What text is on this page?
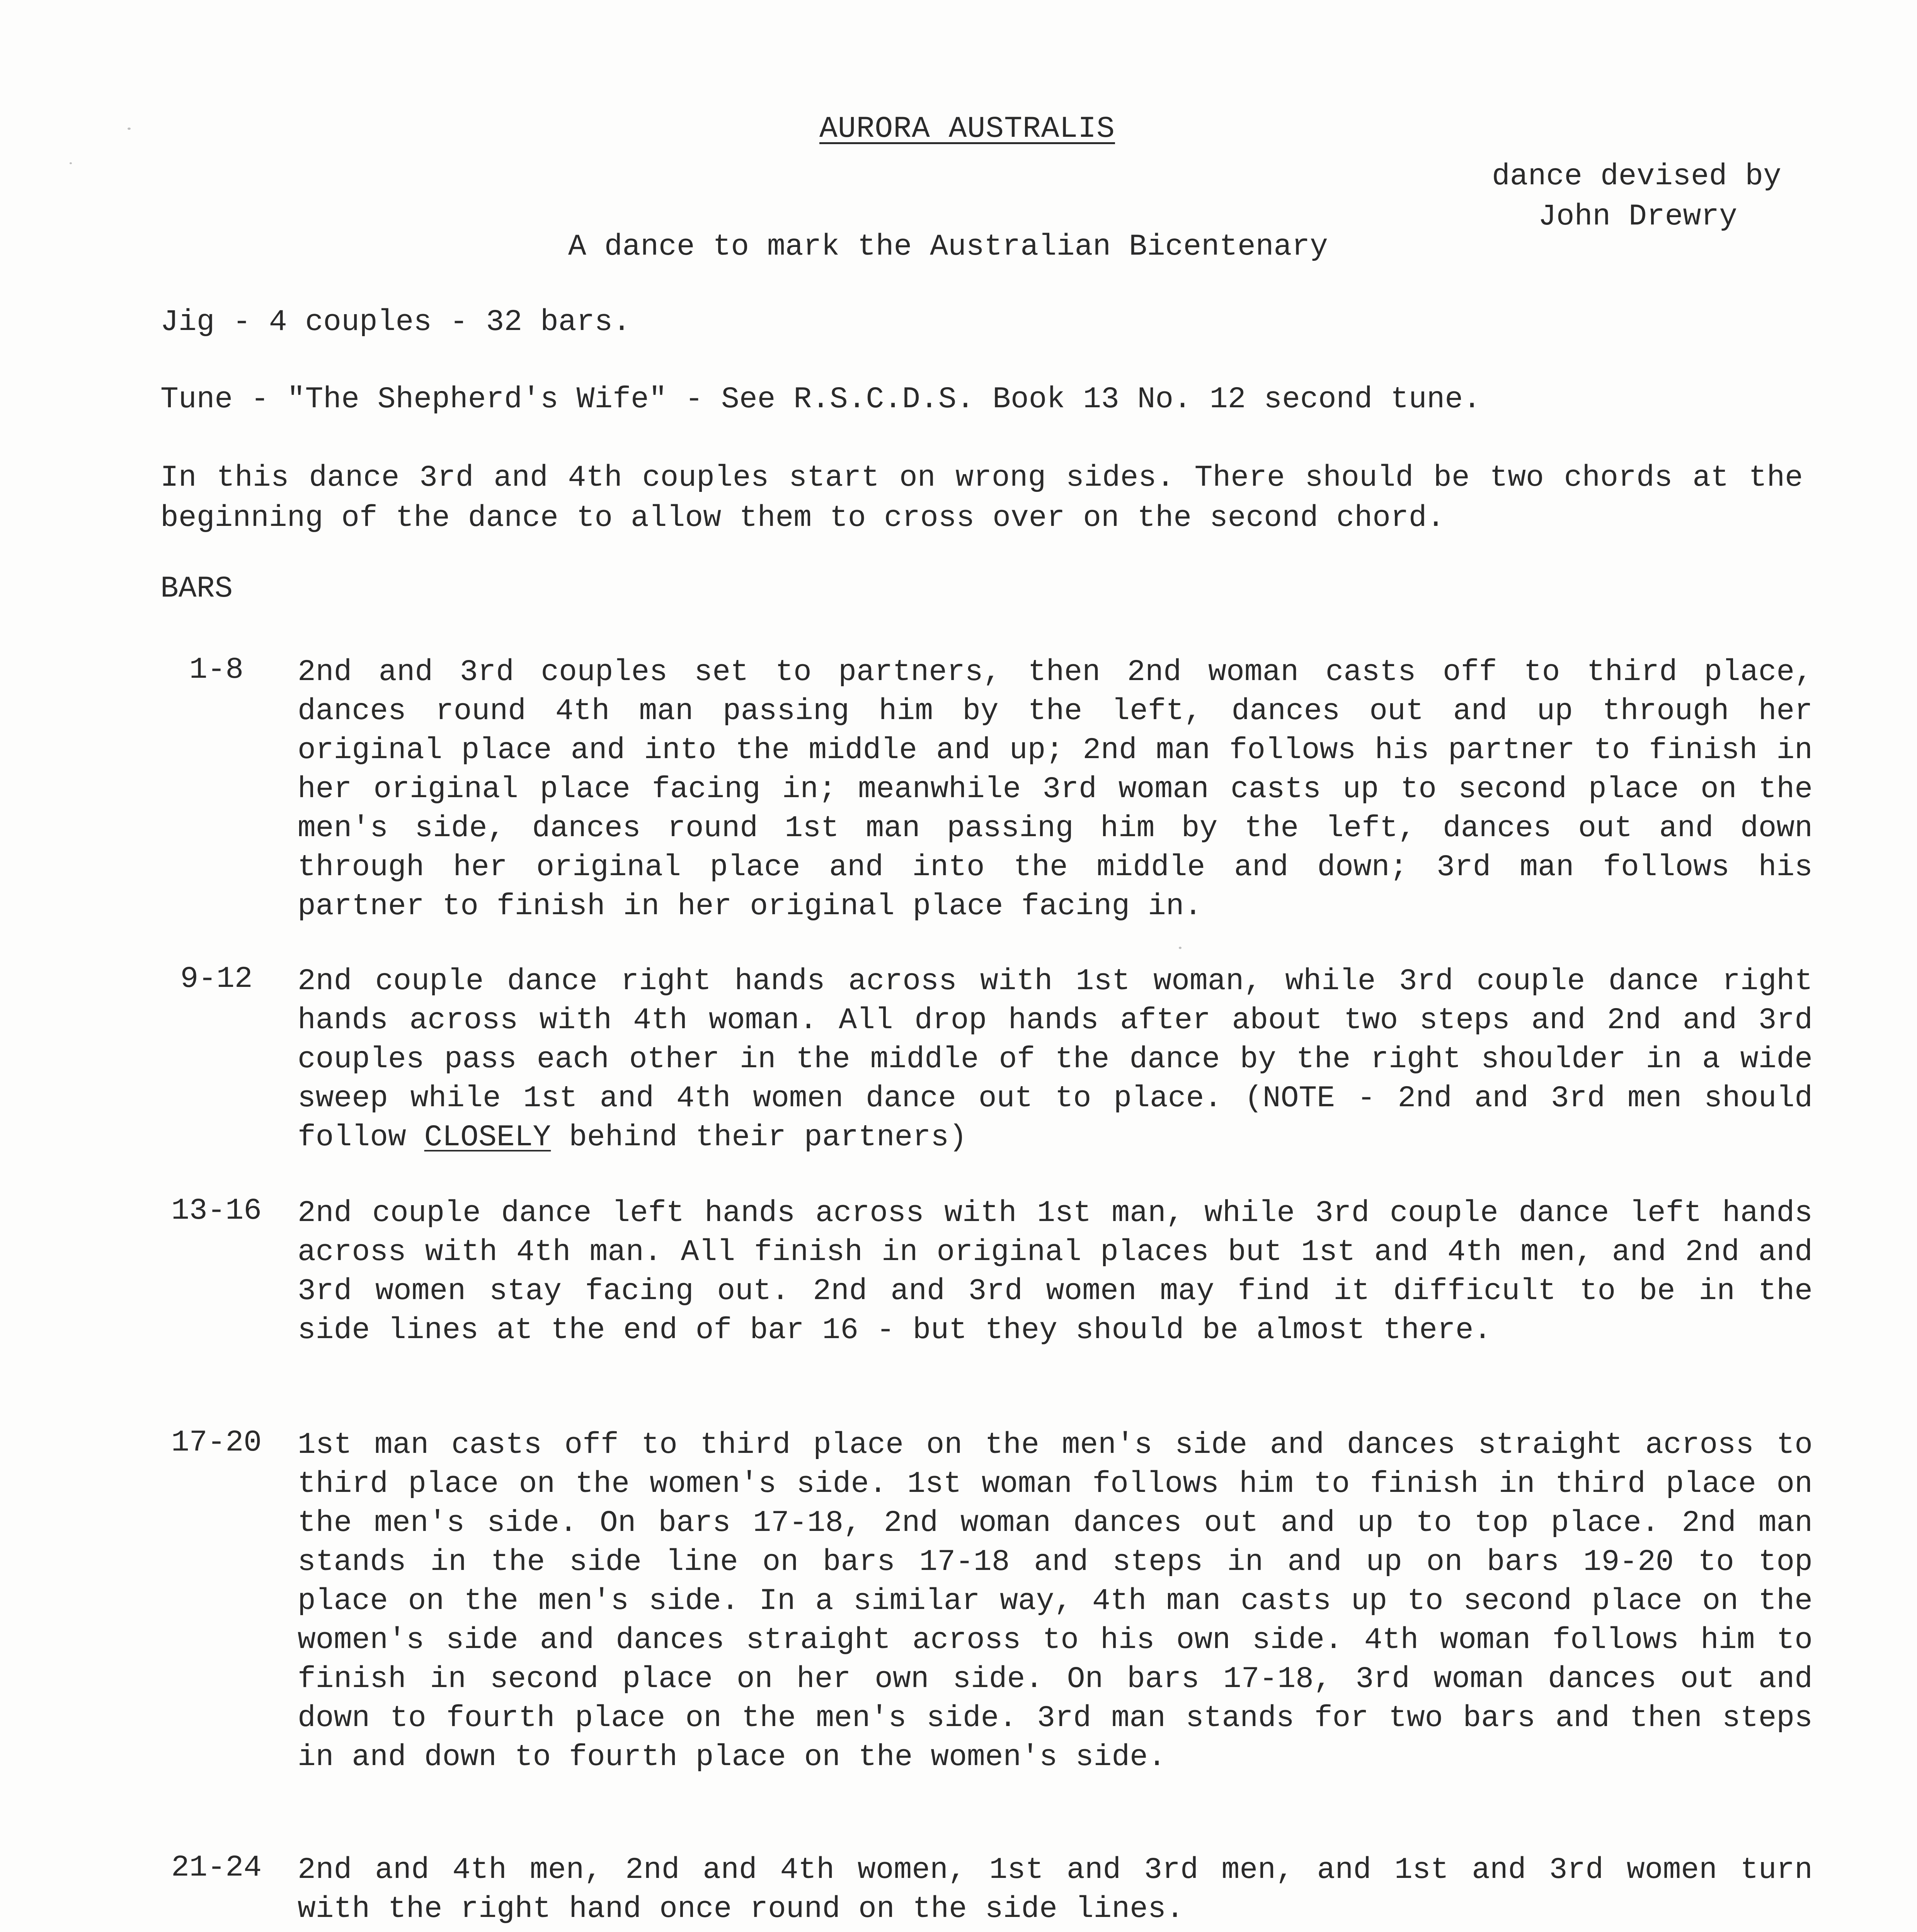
AURORA AUSTRALIS
dance devised by
John Drewry
A dance to mark the Australian Bicentenary
Jig - 4 couples - 32 bars.
Tune - "The Shepherd's Wife" - See R.S.C.D.S. Book 13 No. 12 second tune.
In this dance 3rd and 4th couples start on wrong sides. There should be two chords at the beginning of the dance to allow them to cross over on the second chord.
BARS
1-8	2nd and 3rd couples set to partners, then 2nd woman casts off to third place, dances round 4th man passing him by the left, dances out and up through her original place and into the middle and up; 2nd man follows his partner to finish in her original place facing in; meanwhile 3rd woman casts up to second place on the men's side, dances round 1st man passing him by the left, dances out and down through her original place and into the middle and down; 3rd man follows his partner to finish in her original place facing in.
9-12	2nd couple dance right hands across with 1st woman, while 3rd couple dance right hands across with 4th woman. All drop hands after about two steps and 2nd and 3rd couples pass each other in the middle of the dance by the right shoulder in a wide sweep while 1st and 4th women dance out to place. (NOTE - 2nd and 3rd men should follow CLOSELY behind their partners)
13-16	2nd couple dance left hands across with 1st man, while 3rd couple dance left hands across with 4th man. All finish in original places but 1st and 4th men, and 2nd and 3rd women stay facing out. 2nd and 3rd women may find it difficult to be in the side lines at the end of bar 16 - but they should be almost there.
17-20	1st man casts off to third place on the men's side and dances straight across to third place on the women's side. 1st woman follows him to finish in third place on the men's side. On bars 17-18, 2nd woman dances out and up to top place. 2nd man stands in the side line on bars 17-18 and steps in and up on bars 19-20 to top place on the men's side. In a similar way, 4th man casts up to second place on the women's side and dances straight across to his own side. 4th woman follows him to finish in second place on her own side. On bars 17-18, 3rd woman dances out and down to fourth place on the men's side. 3rd man stands for two bars and then steps in and down to fourth place on the women's side.
21-24	2nd and 4th men, 2nd and 4th women, 1st and 3rd men, and 1st and 3rd women turn with the right hand once round on the side lines.
